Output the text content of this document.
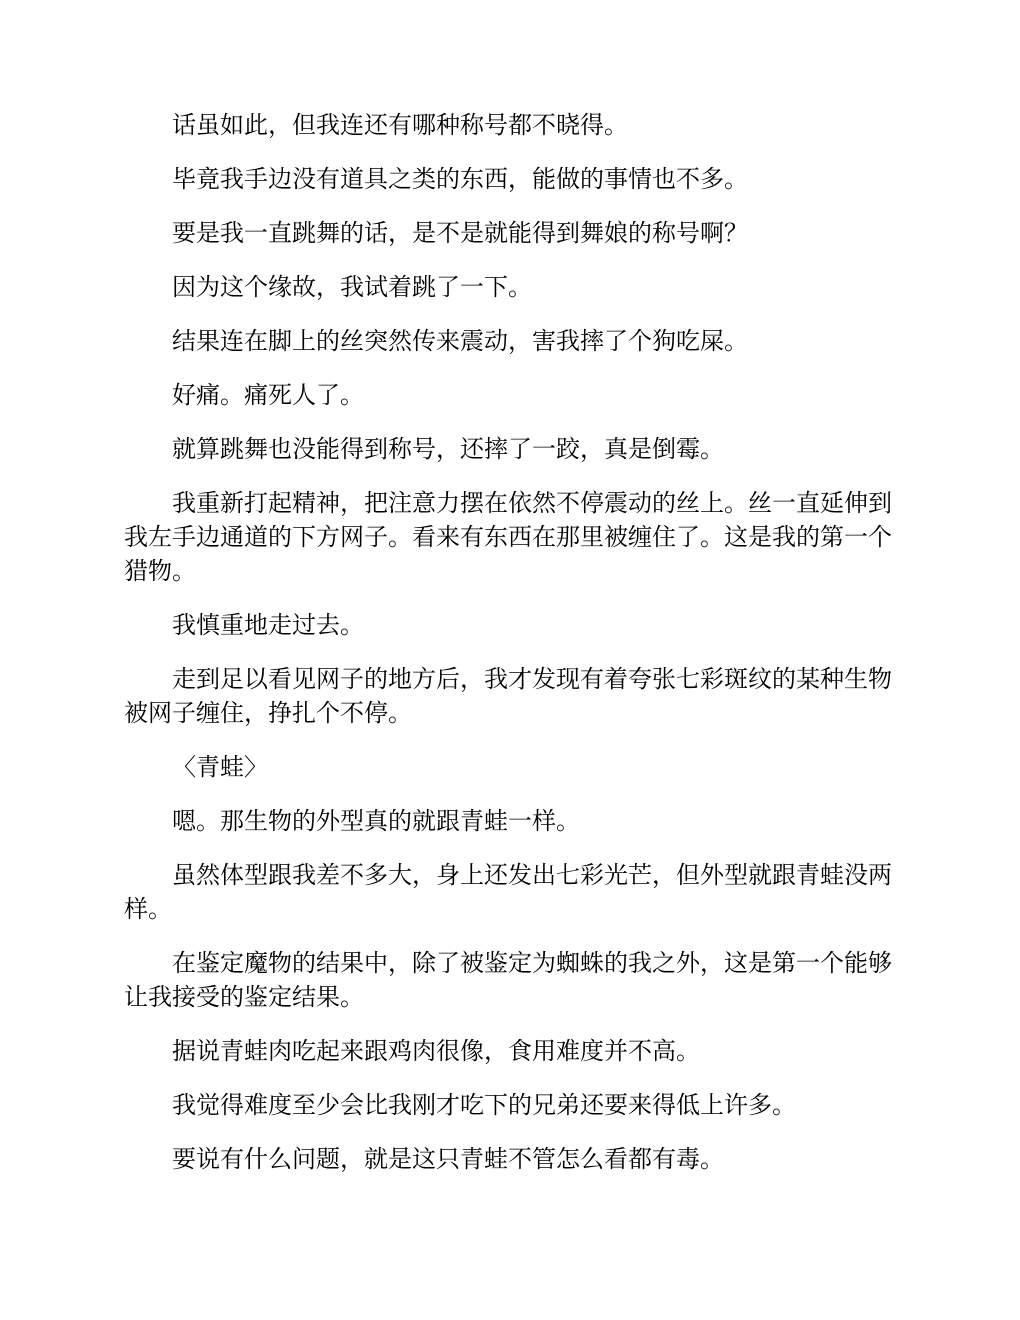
话虽如此，但我连还有哪种称号都不晓得。

毕竟我手边没有道具之类的东西，能做的事情也不多。

要是我一直跳舞的话，是不是就能得到舞娘的称号啊？

因为这个缘故，我试着跳了一下。

结果连在脚上的丝突然传来震动，害我摔了个狗吃屎。

好痛。痛死人了。

就算跳舞也没能得到称号，还摔了一跤，真是倒霉。

我重新打起精神，把注意力摆在依然不停震动的丝上。丝一直延伸到我左手边通道的下方网子。看来有东西在那里被缠住了。这是我的第一个猎物。

我慎重地走过去。

走到足以看见网子的地方后，我才发现有着夸张七彩斑纹的某种生物被网子缠住，挣扎个不停。

〈青蛙〉

嗯。那生物的外型真的就跟青蛙一样。

虽然体型跟我差不多大，身上还发出七彩光芒，但外型就跟青蛙没两样。

在鉴定魔物的结果中，除了被鉴定为蜘蛛的我之外，这是第一个能够让我接受的鉴定结果。

据说青蛙肉吃起来跟鸡肉很像，食用难度并不高。

我觉得难度至少会比我刚才吃下的兄弟还要来得低上许多。

要说有什么问题，就是这只青蛙不管怎么看都有毒。
